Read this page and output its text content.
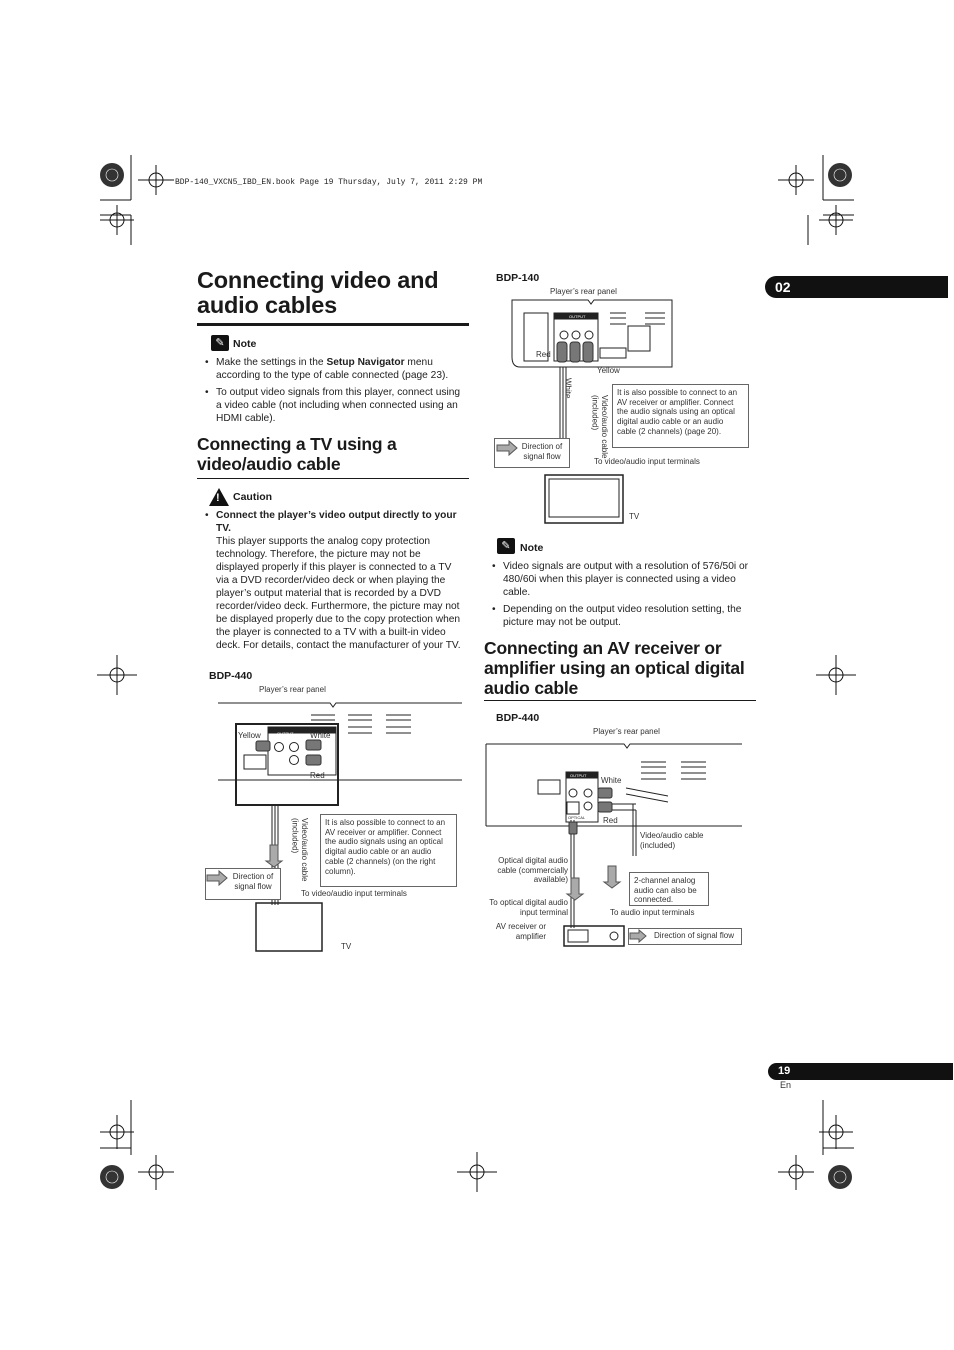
BDP-140_VXCN5_IBD_EN.book Page 19 Thursday, July 7, 2011 2:29 PM
02
19
En
Connecting video and audio cables
✎ Note
• Make the settings in the Setup Navigator menu according to the type of cable connected (page 23).
• To output video signals from this player, connect using a video cable (not including when connected using an HDMI cable).
Connecting a TV using a video/audio cable
! Caution
• Connect the player’s video output directly to your TV.
This player supports the analog copy protection technology. Therefore, the picture may not be displayed properly if this player is connected to a TV via a DVD recorder/video deck or when playing the player’s output material that is recorded by a DVD recorder/video deck. Furthermore, the picture may not be displayed properly due to the copy protection when the player is connected to a TV with a built-in video deck. For details, contact the manufacturer of your TV.
BDP-440
OUTPUT
Player’s rear panel
Yellow	White
Red
Video/audio cable (included)	It is also possible to connect to an AV receiver or amplifier. Connect the audio signals using an optical digital audio cable or an audio cable (2 channels) (on the right column).
Direction of signal flow
To video/audio input terminals
TV
BDP-140
OUTPUT
Player’s rear panel
Red
Yellow
White
Video/audio cable (included)
It is also possible to connect to an AV receiver or amplifier. Connect the audio signals using an optical digital audio cable or an audio cable (2 channels) (page 20).
Direction of signal flow
To video/audio input terminals
TV
✎ Note
• Video signals are output with a resolution of 576/50i or 480/60i when this player is connected using a video cable.
• Depending on the output video resolution setting, the picture may not be output.
Connecting an AV receiver or amplifier using an optical digital audio cable
BDP-440
OUTPUT
OPTICAL
Player’s rear panel
White
Red
Video/audio cable (included)
Optical digital audio cable (commercially available)	2-channel analog audio can also be connected.
To optical digital audio input terminal	To audio input terminals
AV receiver or amplifier	Direction of signal flow
